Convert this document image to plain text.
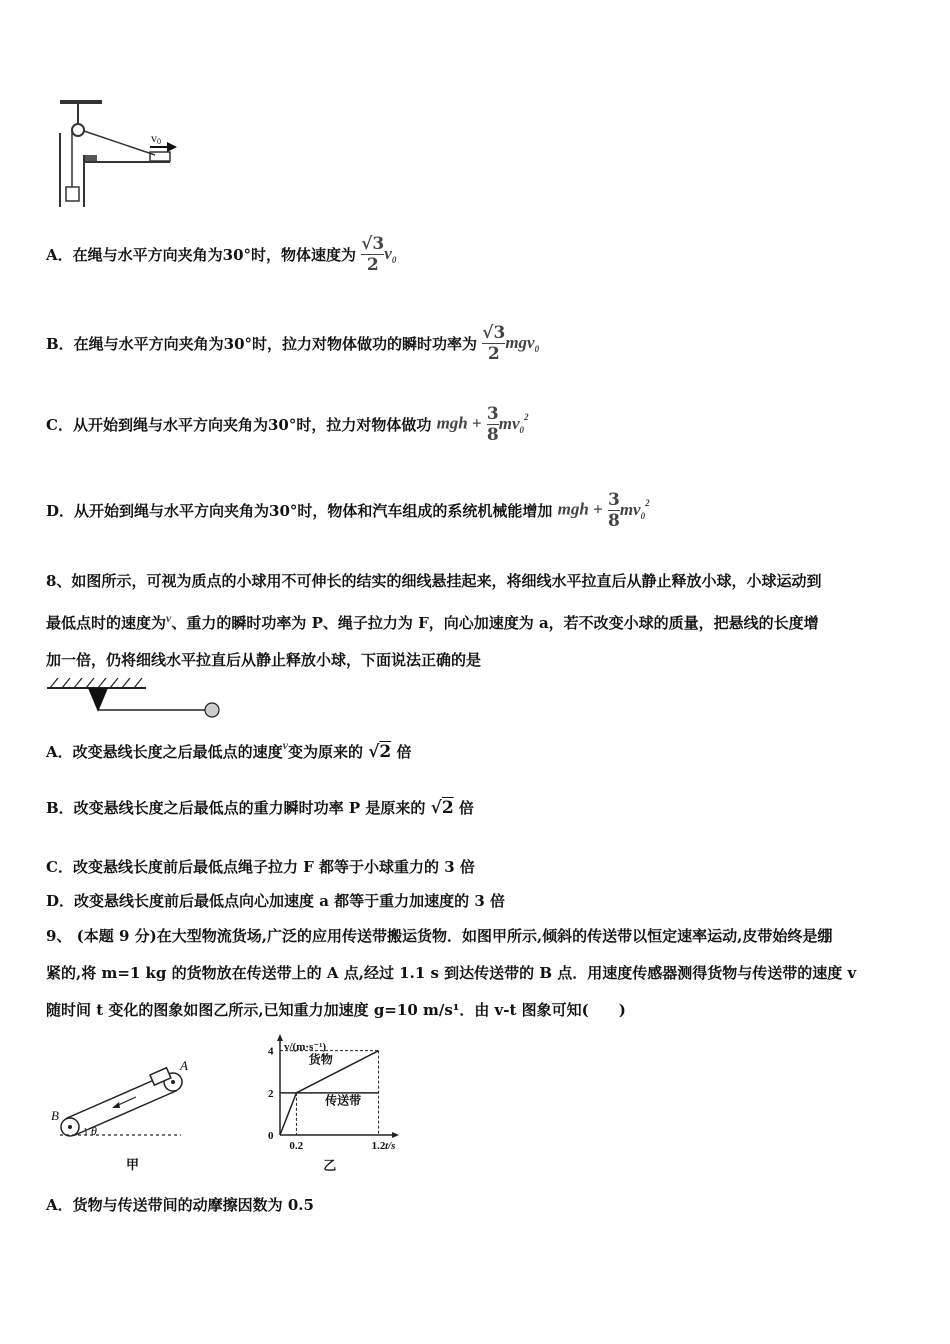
v0
A．在绳与水平方向夹角为30°时，物体速度为 $\frac{√3}{2} v_0$
B．在绳与水平方向夹角为30°时，拉力对物体做功的瞬时功率为 $\frac{√3}{2} mgv_0$
C．从开始到绳与水平方向夹角为30°时，拉力对物体做功 mgh + $\frac{3}{8} mv_0^2$
D．从开始到绳与水平方向夹角为30°时，物体和汽车组成的系统机械能增加 mgh + $\frac{3}{8} mv_0^2$
8、如图所示，可视为质点的小球用不可伸长的结实的细线悬挂起来，将细线水平拉直后从静止释放小球，小球运动到
最低点时的速度为$^v$、重力的瞬时功率为 P、绳子拉力为 F，向心加速度为 a，若不改变小球的质量，把悬线的长度增
加一倍，仍将细线水平拉直后从静止释放小球，下面说法正确的是
A．改变悬线长度之后最低点的速度$^v$变为原来的 √2 倍
B．改变悬线长度之后最低点的重力瞬时功率 P 是原来的 √2 倍
C．改变悬线长度前后最低点绳子拉力 F 都等于小球重力的 3 倍
D．改变悬线长度前后最低点向心加速度 a 都等于重力加速度的 3 倍
9、 (本题 9 分)在大型物流货场,广泛的应用传送带搬运货物．如图甲所示,倾斜的传送带以恒定速率运动,皮带始终是绷
紧的,将 m=1 kg 的货物放在传送带上的 A 点,经过 1.1 s 到达传送带的 B 点．用速度传感器测得货物与传送带的速度 v
随时间 t 变化的图象如图乙所示,已知重力加速度 g=10 m/s¹．由 v-t 图象可知(　　)
θ
A
B
甲
v/(m·s⁻¹)
t/s
0
2
4
0.2	1.2
货物
传送带
乙
A．货物与传送带间的动摩擦因数为 0.5
